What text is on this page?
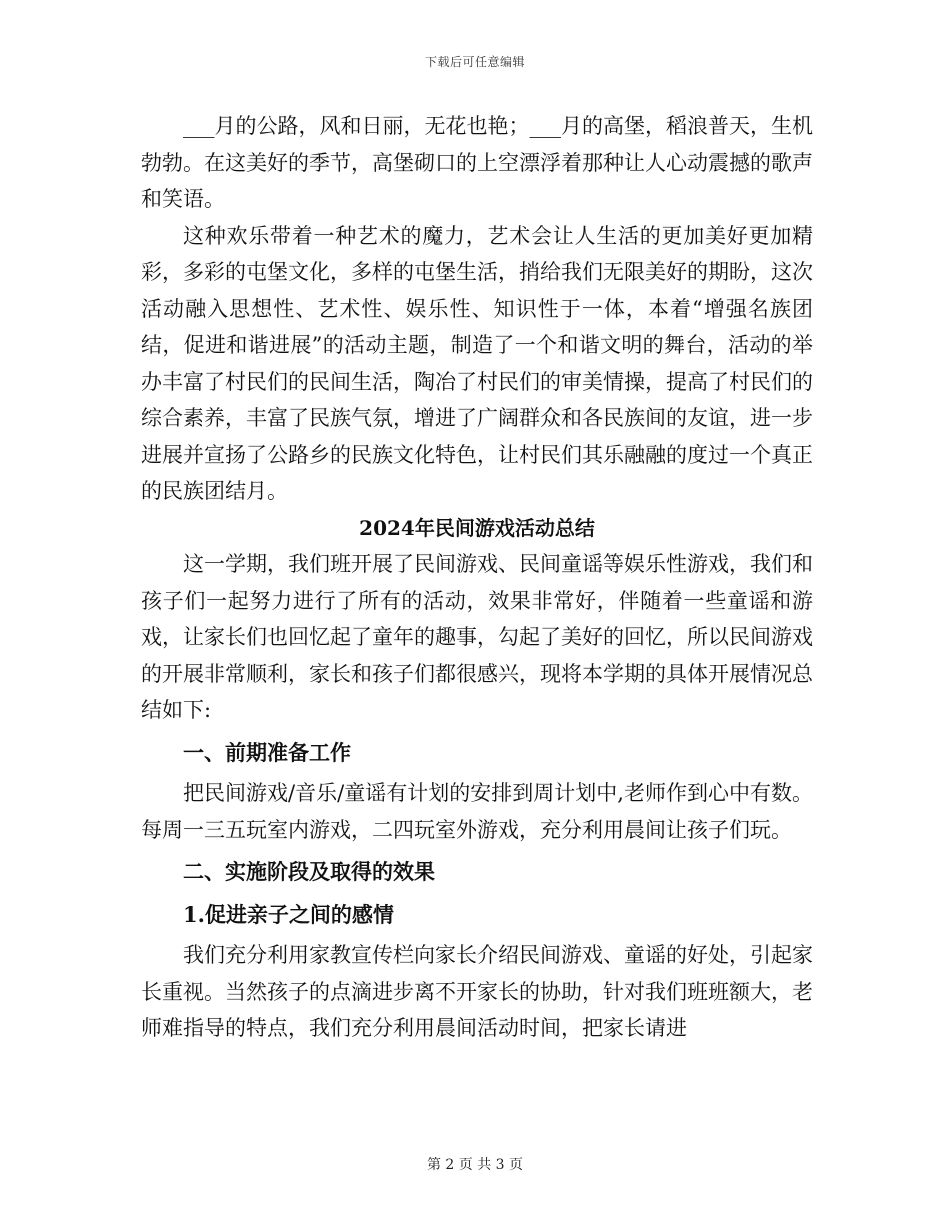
下载后可任意编辑

___月的公路，风和日丽，无花也艳；___月的高堡，稻浪普天，生机勃勃。在这美好的季节，高堡砌口的上空漂浮着那种让人心动震撼的歌声和笑语。

这种欢乐带着一种艺术的魔力，艺术会让人生活的更加美好更加精彩，多彩的屯堡文化，多样的屯堡生活，捎给我们无限美好的期盼，这次活动融入思想性、艺术性、娱乐性、知识性于一体，本着“增强名族团结，促进和谐进展”的活动主题，制造了一个和谐文明的舞台，活动的举办丰富了村民们的民间生活，陶冶了村民们的审美情操，提高了村民们的综合素养，丰富了民族气氛，增进了广阔群众和各民族间的友谊，进一步进展并宣扬了公路乡的民族文化特色，让村民们其乐融融的度过一个真正的民族团结月。

2024年民间游戏活动总结

这一学期，我们班开展了民间游戏、民间童谣等娱乐性游戏，我们和孩子们一起努力进行了所有的活动，效果非常好，伴随着一些童谣和游戏，让家长们也回忆起了童年的趣事，勾起了美好的回忆，所以民间游戏的开展非常顺利，家长和孩子们都很感兴，现将本学期的具体开展情况总结如下:

一、前期准备工作

把民间游戏/音乐/童谣有计划的安排到周计划中,老师作到心中有数。每周一三五玩室内游戏，二四玩室外游戏，充分利用晨间让孩子们玩。

二、实施阶段及取得的效果

1.促进亲子之间的感情

我们充分利用家教宣传栏向家长介绍民间游戏、童谣的好处，引起家长重视。当然孩子的点滴进步离不开家长的协助，针对我们班班额大，老师难指导的特点，我们充分利用晨间活动时间，把家长请进

第 2 页 共 3 页
